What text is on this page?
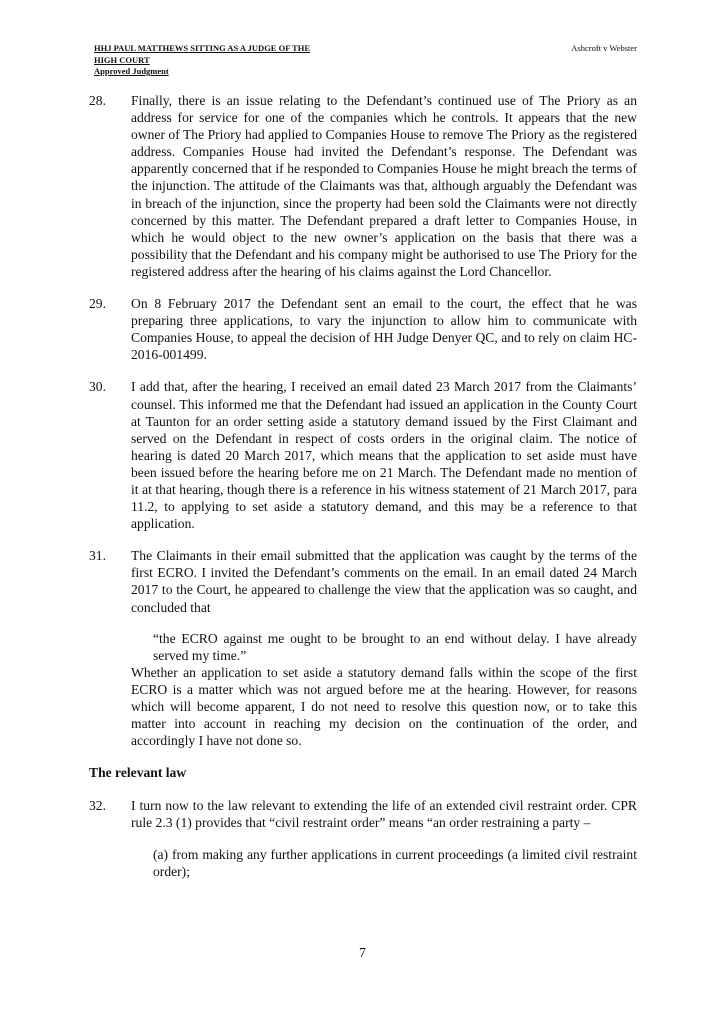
HHJ PAUL MATTHEWS SITTING AS A JUDGE OF THE
HIGH COURT
Approved Judgment
Ashcroft v Webster
28.	Finally, there is an issue relating to the Defendant’s continued use of The Priory as an address for service for one of the companies which he controls. It appears that the new owner of The Priory had applied to Companies House to remove The Priory as the registered address. Companies House had invited the Defendant’s response. The Defendant was apparently concerned that if he responded to Companies House he might breach the terms of the injunction. The attitude of the Claimants was that, although arguably the Defendant was in breach of the injunction, since the property had been sold the Claimants were not directly concerned by this matter. The Defendant prepared a draft letter to Companies House, in which he would object to the new owner’s application on the basis that there was a possibility that the Defendant and his company might be authorised to use The Priory for the registered address after the hearing of his claims against the Lord Chancellor.
29.	On 8 February 2017 the Defendant sent an email to the court, the effect that he was preparing three applications, to vary the injunction to allow him to communicate with Companies House, to appeal the decision of HH Judge Denyer QC, and to rely on claim HC-2016-001499.
30.	I add that, after the hearing, I received an email dated 23 March 2017 from the Claimants’ counsel. This informed me that the Defendant had issued an application in the County Court at Taunton for an order setting aside a statutory demand issued by the First Claimant and served on the Defendant in respect of costs orders in the original claim. The notice of hearing is dated 20 March 2017, which means that the application to set aside must have been issued before the hearing before me on 21 March. The Defendant made no mention of it at that hearing, though there is a reference in his witness statement of 21 March 2017, para 11.2, to applying to set aside a statutory demand, and this may be a reference to that application.
31.	The Claimants in their email submitted that the application was caught by the terms of the first ECRO. I invited the Defendant’s comments on the email. In an email dated 24 March 2017 to the Court, he appeared to challenge the view that the application was so caught, and concluded that

“the ECRO against me ought to be brought to an end without delay. I have already served my time.”

Whether an application to set aside a statutory demand falls within the scope of the first ECRO is a matter which was not argued before me at the hearing. However, for reasons which will become apparent, I do not need to resolve this question now, or to take this matter into account in reaching my decision on the continuation of the order, and accordingly I have not done so.

The relevant law
32.	I turn now to the law relevant to extending the life of an extended civil restraint order. CPR rule 2.3 (1) provides that “civil restraint order” means “an order restraining a party –

(a) from making any further applications in current proceedings (a limited civil restraint order);
7
